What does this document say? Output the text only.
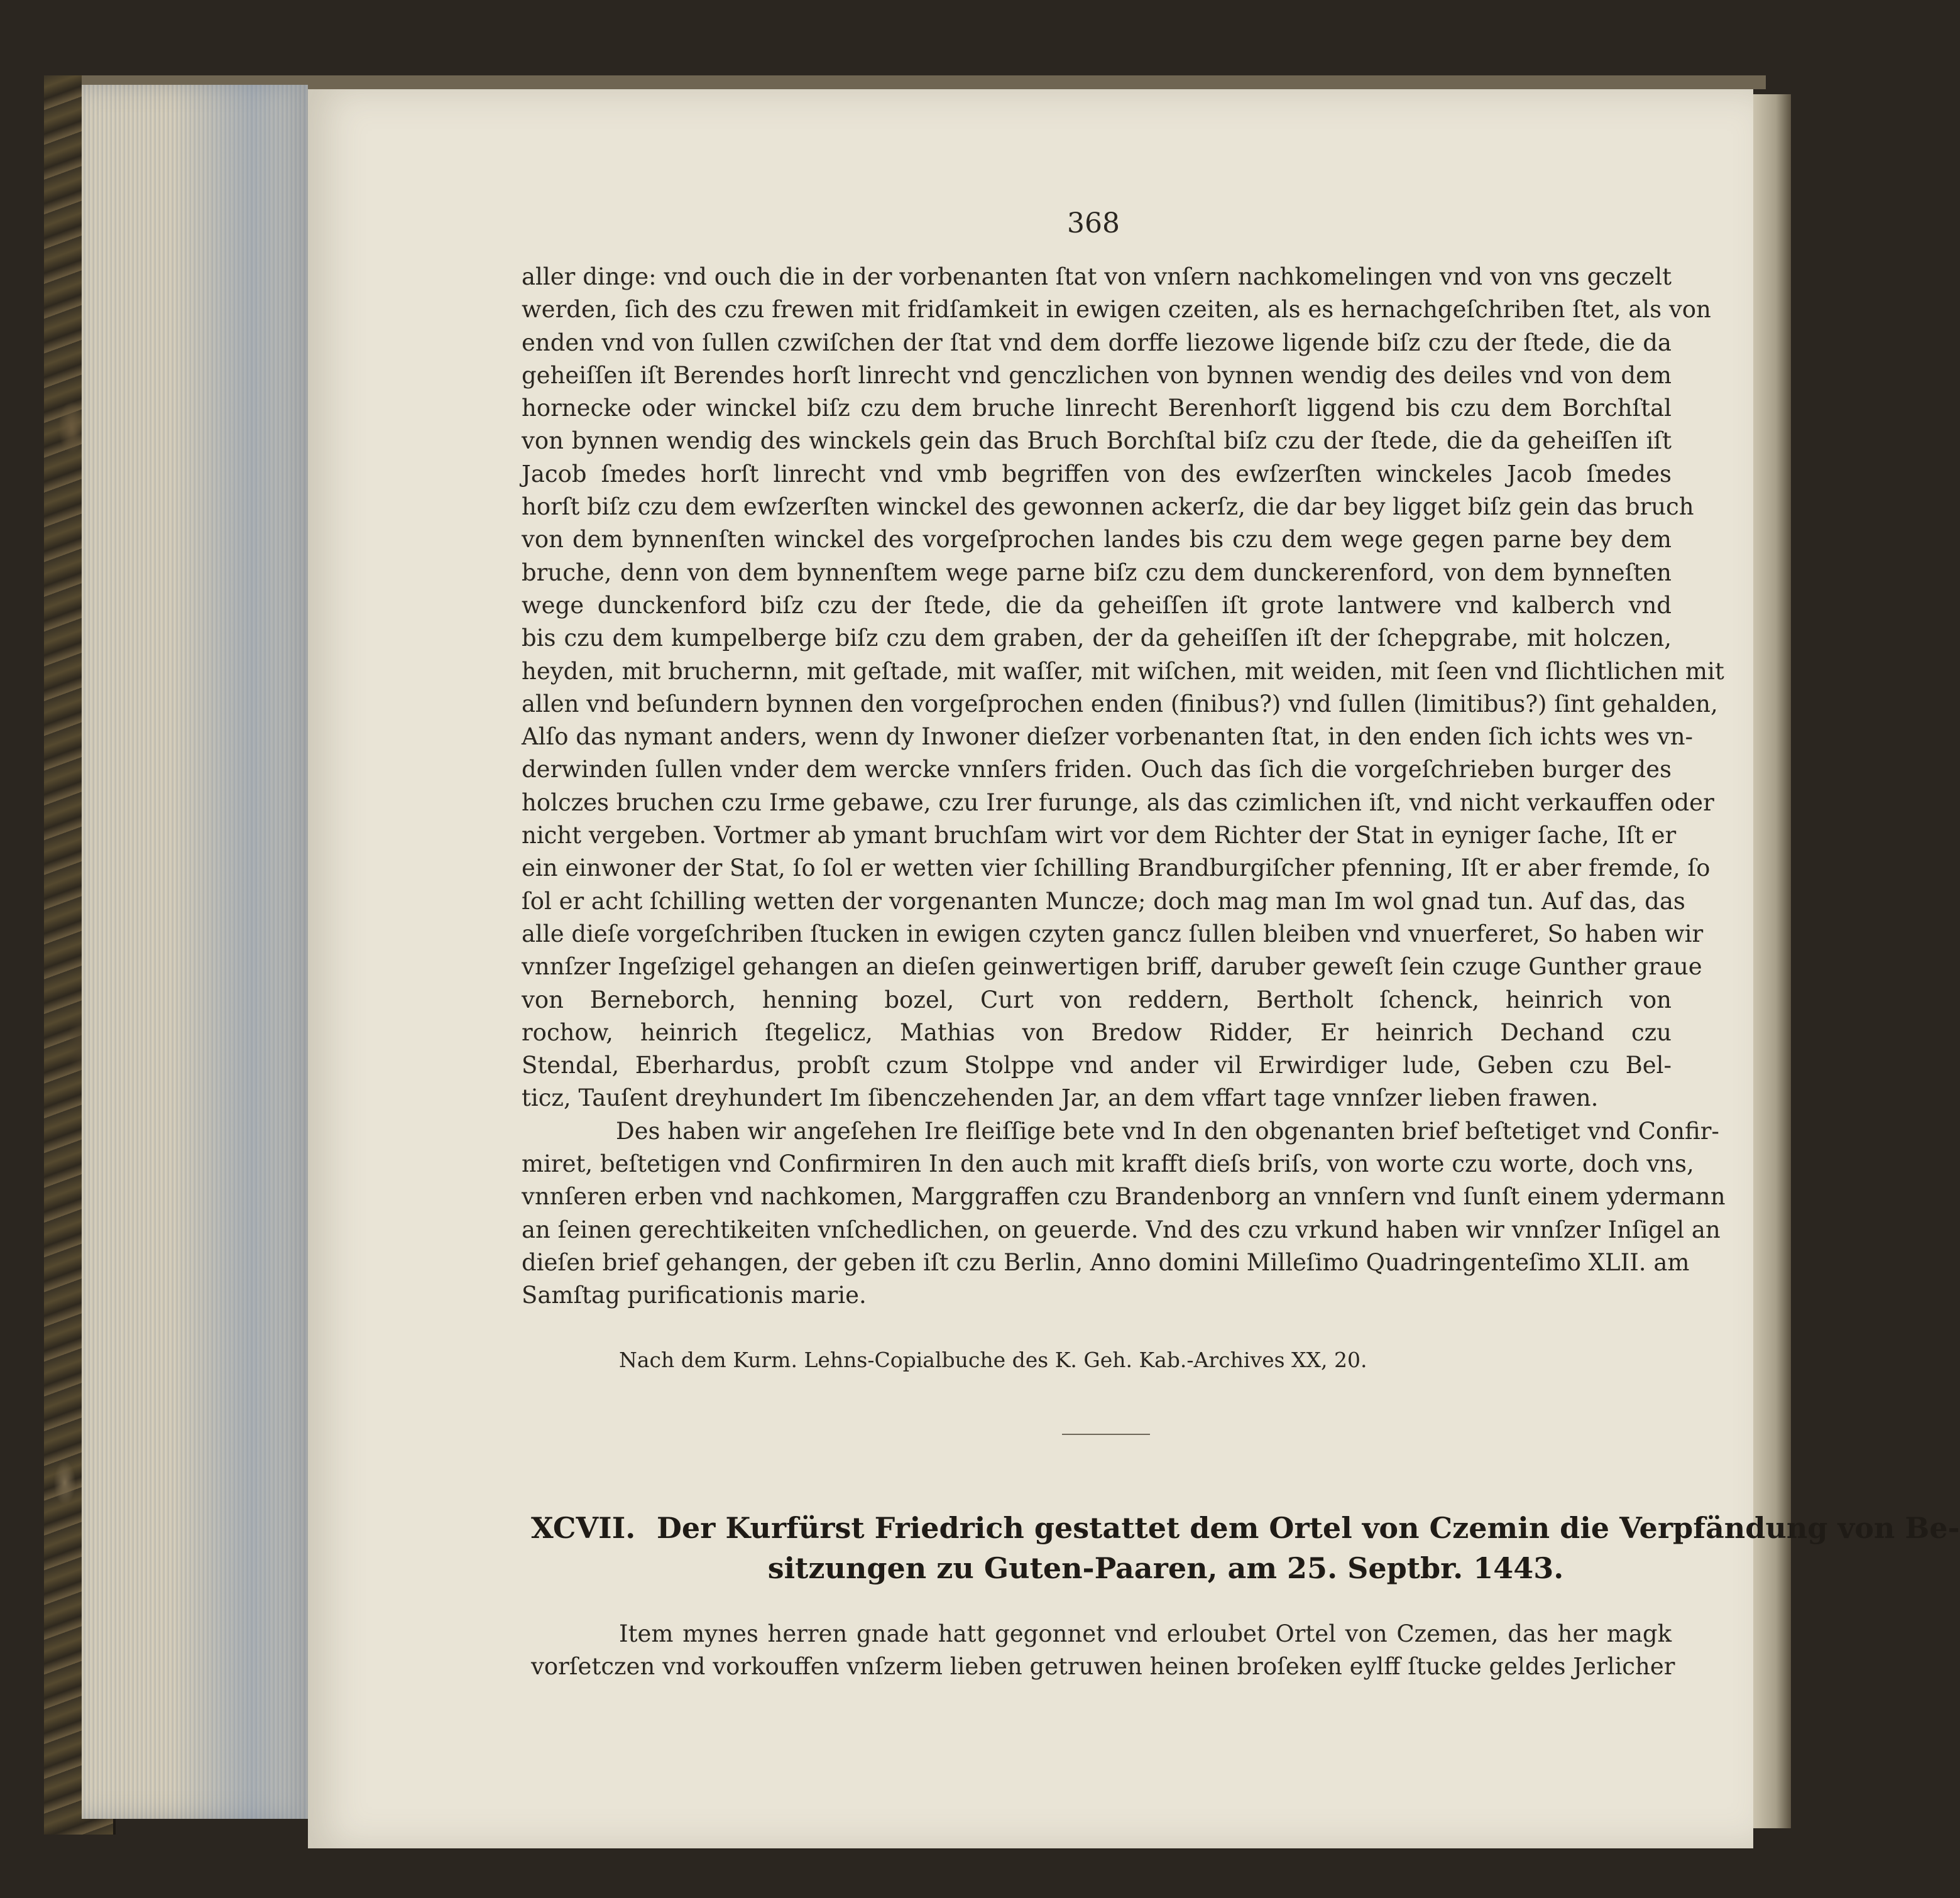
368
aller dinge: vnd ouch die in der vorbenanten ſtat von vnſern nachkomelingen vnd von vns geczelt
werden, ſich des czu frewen mit fridſamkeit in ewigen czeiten, als es hernachgeſchriben ſtet, als von
enden vnd von ſullen czwiſchen der ſtat vnd dem dorffe liezowe ligende biſz czu der ſtede, die da
geheiſſen iſt Berendes horſt linrecht vnd genczlichen von bynnen wendig des deiles vnd von dem
hornecke oder winckel biſz czu dem bruche linrecht Berenhorſt liggend bis czu dem Borchſtal
von bynnen wendig des winckels gein das Bruch Borchſtal biſz czu der ſtede, die da geheiſſen iſt
Jacob ſmedes horſt linrecht vnd vmb begriffen von des ewſzerſten winckeles Jacob ſmedes
horſt biſz czu dem ewſzerſten winckel des gewonnen ackerſz, die dar bey ligget biſz gein das bruch
von dem bynnenſten winckel des vorgeſprochen landes bis czu dem wege gegen parne bey dem
bruche, denn von dem bynnenſtem wege parne biſz czu dem dunckerenford, von dem bynneſten
wege dunckenford biſz czu der ſtede, die da geheiſſen iſt grote lantwere vnd kalberch vnd
bis czu dem kumpelberge biſz czu dem graben, der da geheiſſen iſt der ſchepgrabe, mit holczen,
heyden, mit bruchernn, mit geſtade, mit waſſer, mit wiſchen, mit weiden, mit ſeen vnd ſlichtlichen mit
allen vnd beſundern bynnen den vorgeſprochen enden (finibus?) vnd ſullen (limitibus?) ſint gehalden,
Alſo das nymant anders, wenn dy Inwoner dieſzer vorbenanten ſtat, in den enden ſich ichts wes vn-
derwinden ſullen vnder dem wercke vnnſers friden. Ouch das ſich die vorgeſchrieben burger des
holczes bruchen czu Irme gebawe, czu Irer furunge, als das czimlichen iſt, vnd nicht verkauffen oder
nicht vergeben. Vortmer ab ymant bruchſam wirt vor dem Richter der Stat in eyniger ſache, Iſt er
ein einwoner der Stat, ſo ſol er wetten vier ſchilling Brandburgiſcher pfenning, Iſt er aber fremde, ſo
ſol er acht ſchilling wetten der vorgenanten Muncze; doch mag man Im wol gnad tun. Auf das, das
alle dieſe vorgeſchriben ſtucken in ewigen czyten gancz ſullen bleiben vnd vnuerferet, So haben wir
vnnſzer Ingeſzigel gehangen an dieſen geinwertigen briff, daruber geweſt ſein czuge Gunther graue
von Berneborch, henning bozel, Curt von reddern, Bertholt ſchenck, heinrich von
rochow, heinrich ſtegelicz, Mathias von Bredow Ridder, Er heinrich Dechand czu
Stendal, Eberhardus, probſt czum Stolppe vnd ander vil Erwirdiger lude, Geben czu Bel-
ticz, Tauſent dreyhundert Im ſibenczehenden Jar, an dem vffart tage vnnſzer lieben frawen.
Des haben wir angeſehen Ire fleiſſige bete vnd In den obgenanten brief beſtetiget vnd Confir-
miret, beſtetigen vnd Confirmiren In den auch mit krafft dieſs briſs, von worte czu worte, doch vns,
vnnſeren erben vnd nachkomen, Marggraffen czu Brandenborg an vnnſern vnd ſunſt einem ydermann
an ſeinen gerechtikeiten vnſchedlichen, on geuerde. Vnd des czu vrkund haben wir vnnſzer Inſigel an
dieſen brief gehangen, der geben iſt czu Berlin, Anno domini Milleſimo Quadringenteſimo XLII. am
Samſtag purificationis marie.
Nach dem Kurm. Lehns-Copialbuche des K. Geh. Kab.-Archives XX, 20.
XCVII. Der Kurfürst Friedrich gestattet dem Ortel von Czemin die Verpfändung von Be-
sitzungen zu Guten-Paaren, am 25. Septbr. 1443.
Item mynes herren gnade hatt gegonnet vnd erloubet Ortel von Czemen, das her magk
vorſetczen vnd vorkouffen vnſzerm lieben getruwen heinen broſeken eylff ſtucke geldes Jerlicher
